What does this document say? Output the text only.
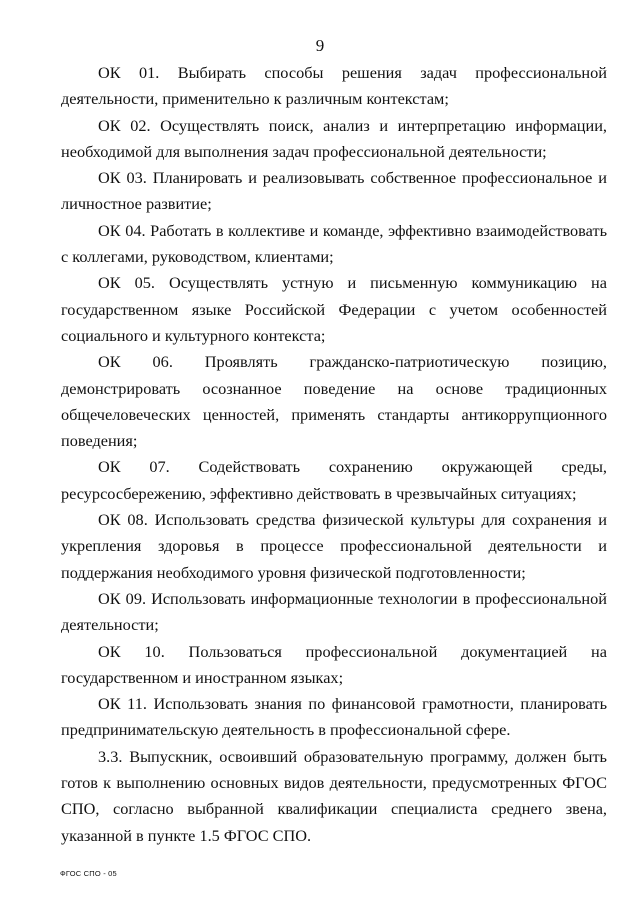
9

ОК 01. Выбирать способы решения задач профессиональной деятельности, применительно к различным контекстам;

ОК 02. Осуществлять поиск, анализ и интерпретацию информации, необходимой для выполнения задач профессиональной деятельности;

ОК 03. Планировать и реализовывать собственное профессиональное и личностное развитие;

ОК 04. Работать в коллективе и команде, эффективно взаимодействовать с коллегами, руководством, клиентами;

ОК 05. Осуществлять устную и письменную коммуникацию на государственном языке Российской Федерации с учетом особенностей социального и культурного контекста;

ОК 06. Проявлять гражданско-патриотическую позицию, демонстрировать осознанное поведение на основе традиционных общечеловеческих ценностей, применять стандарты антикоррупционного поведения;

ОК 07. Содействовать сохранению окружающей среды, ресурсосбережению, эффективно действовать в чрезвычайных ситуациях;

ОК 08. Использовать средства физической культуры для сохранения и укрепления здоровья в процессе профессиональной деятельности и поддержания необходимого уровня физической подготовленности;

ОК 09. Использовать информационные технологии в профессиональной деятельности;

ОК 10. Пользоваться профессиональной документацией на государственном и иностранном языках;

ОК 11. Использовать знания по финансовой грамотности, планировать предпринимательскую деятельность в профессиональной сфере.

3.3. Выпускник, освоивший образовательную программу, должен быть готов к выполнению основных видов деятельности, предусмотренных ФГОС СПО, согласно выбранной квалификации специалиста среднего звена, указанной в пункте 1.5 ФГОС СПО.

ФГОС СПО - 05
